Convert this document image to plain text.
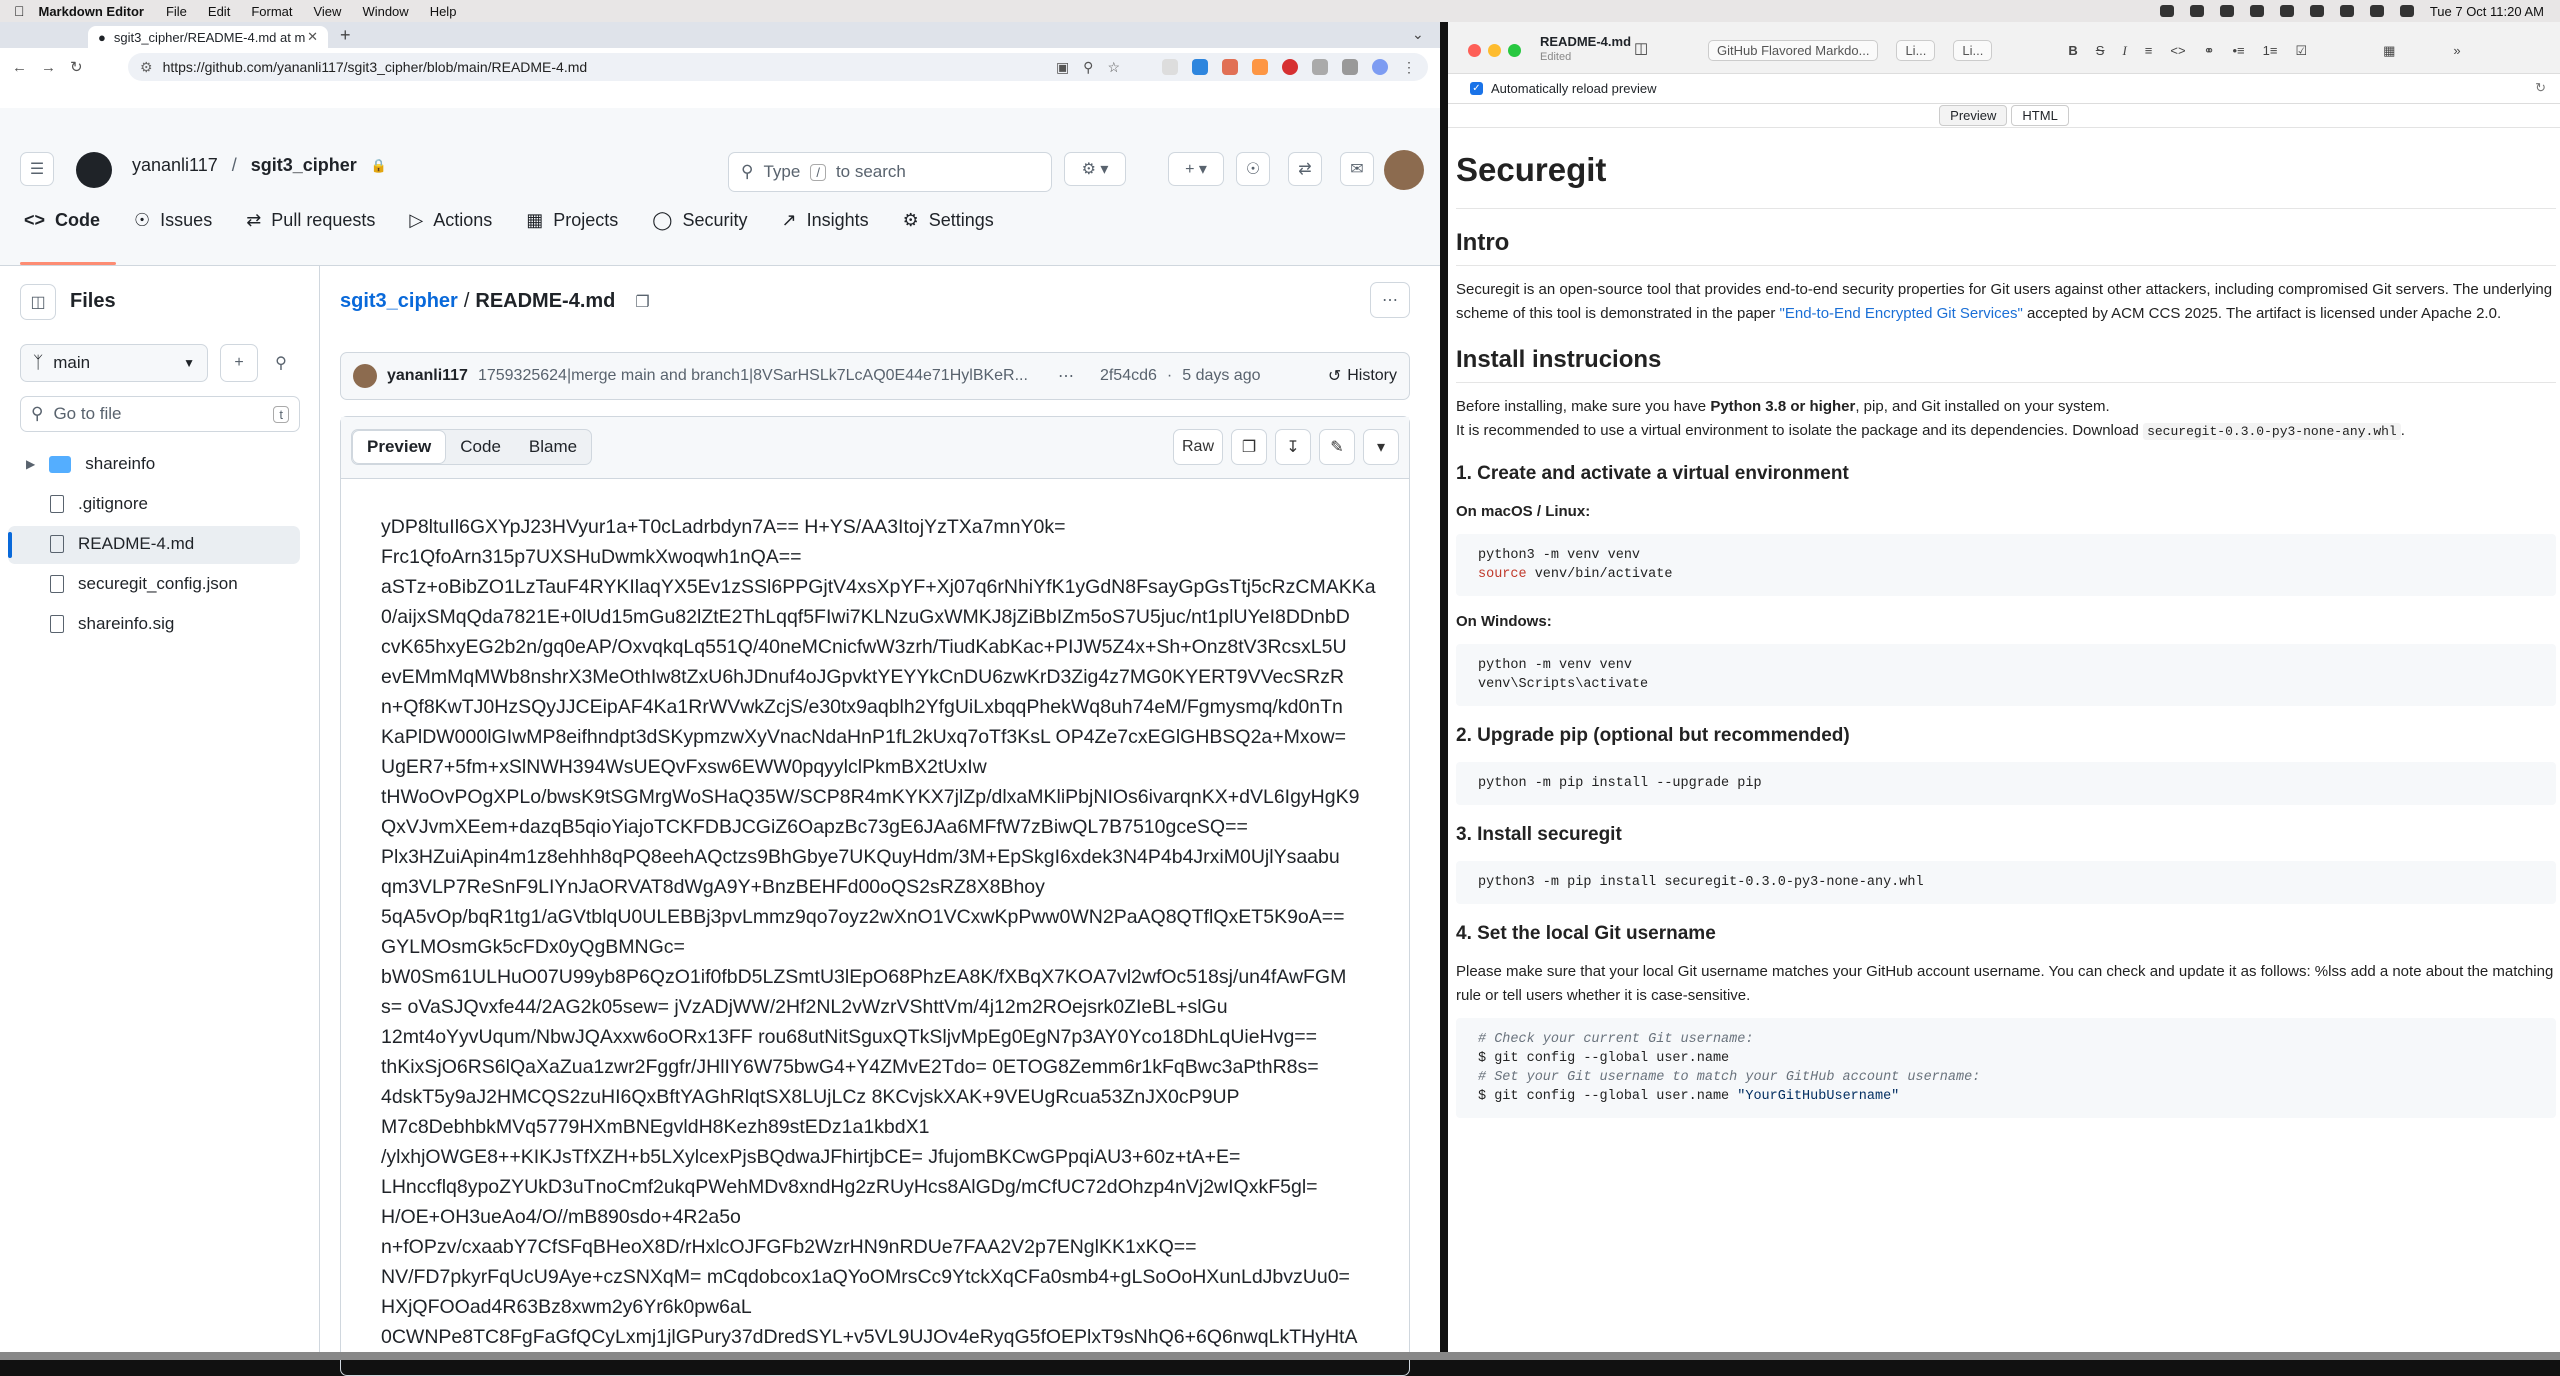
Markdown Editor File Edit Format View Window Help	Tue 7 Oct 11:20 AM
● sgit3_cipher/README-4.md at m ✕ +	⌄
← → ↻	⚙ https://github.com/yananli117/sgit3_cipher/blob/main/README-4.md	▣ ⚲ ☆	⋮
☰	yananli117 / sgit3_cipher 🔒	⚲ Type	/ to search	⚙ ▾	+ ▾	☉	⇄	✉
<> Code ☉ Issues ⇄ Pull requests ▷ Actions ▦ Projects ◯ Security ↗ Insights ⚙ Settings
◫	Files
ᛉ main	▼	+	⚲
⚲ Go to file	t
▶	shareinfo
.gitignore
README-4.md
securegit_config.json
shareinfo.sig
sgit3_cipher / README-4.md ❐	⋯
yananli117 1759325624|merge main and branch1|8VSarHSLk7LcAQ0E44e71HylBKeR...	⋯ 2f54cd6 · 5 days ago	↺ History
Preview	Code	Blame	Raw	❐	↧	✎	▾
yDP8ltuIl6GXYpJ23HVyur1a+T0cLadrbdyn7A== H+YS/AA3ItojYzTXa7mnY0k=
Frc1QfoArn315p7UXSHuDwmkXwoqwh1nQA==
aSTz+oBibZO1LzTauF4RYKIlaqYX5Ev1zSSl6PPGjtV4xsXpYF+Xj07q6rNhiYfK1yGdN8FsayGpGsTtj5cRzCMAKKa
0/aijxSMqQda7821E+0lUd15mGu82lZtE2ThLqqf5FIwi7KLNzuGxWMKJ8jZiBbIZm5oS7U5juc/nt1plUYeI8DDnbD
cvK65hxyEG2b2n/gq0eAP/OxvqkqLq551Q/40neMCnicfwW3zrh/TiudKabKac+PIJW5Z4x+Sh+Onz8tV3RcsxL5U
evEMmMqMWb8nshrX3MeOthIw8tZxU6hJDnuf4oJGpvktYEYYkCnDU6zwKrD3Zig4z7MG0KYERT9VVecSRzR
n+Qf8KwTJ0HzSQyJJCEipAF4Ka1RrWVwkZcjS/e30tx9aqblh2YfgUiLxbqqPhekWq8uh74eM/Fgmysmq/kd0nTn
KaPlDW000lGIwMP8eifhndpt3dSKypmzwXyVnacNdaHnP1fL2kUxq7oTf3KsL OP4Ze7cxEGlGHBSQ2a+Mxow=
UgER7+5fm+xSlNWH394WsUEQvFxsw6EWW0pqyylclPkmBX2tUxIw
tHWoOvPOgXPLo/bwsK9tSGMrgWoSHaQ35W/SCP8R4mKYKX7jlZp/dlxaMKliPbjNIOs6ivarqnKX+dVL6IgyHgK9
QxVJvmXEem+dazqB5qioYiajoTCKFDBJCGiZ6OapzBc73gE6JAa6MFfW7zBiwQL7B7510gceSQ==
Plx3HZuiApin4m1z8ehhh8qPQ8eehAQctzs9BhGbye7UKQuyHdm/3M+EpSkgI6xdek3N4P4b4JrxiM0UjlYsaabu
qm3VLP7ReSnF9LIYnJaORVAT8dWgA9Y+BnzBEHFd00oQS2sRZ8X8Bhoy
5qA5vOp/bqR1tg1/aGVtblqU0ULEBBj3pvLmmz9qo7oyz2wXnO1VCxwKpPww0WN2PaAQ8QTflQxET5K9oA==
GYLMOsmGk5cFDx0yQgBMNGc=
bW0Sm61ULHuO07U99yb8P6QzO1if0fbD5LZSmtU3lEpO68PhzEA8K/fXBqX7KOA7vl2wfOc518sj/un4fAwFGM
s= oVaSJQvxfe44/2AG2k05sew= jVzADjWW/2Hf2NL2vWzrVShttVm/4j12m2ROejsrk0ZIeBL+slGu
12mt4oYyvUqum/NbwJQAxxw6oORx13FF rou68utNitSguxQTkSljvMpEg0EgN7p3AY0Yco18DhLqUieHvg==
thKixSjO6RS6lQaXaZua1zwr2Fggfr/JHlIY6W75bwG4+Y4ZMvE2Tdo= 0ETOG8Zemm6r1kFqBwc3aPthR8s=
4dskT5y9aJ2HMCQS2zuHI6QxBftYAGhRlqtSX8LUjLCz 8KCvjskXAK+9VEUgRcua53ZnJX0cP9UP
M7c8DebhbkMVq5779HXmBNEgvldH8Kezh89stEDz1a1kbdX1
/ylxhjOWGE8++KIKJsTfXZH+b5LXylcexPjsBQdwaJFhirtjbCE= JfujomBKCwGPpqiAU3+60z+tA+E=
LHnccflq8ypoZYUkD3uTnoCmf2ukqPWehMDv8xndHg2zRUyHcs8AlGDg/mCfUC72dOhzp4nVj2wIQxkF5gl=
H/OE+OH3ueAo4/O//mB890sdo+4R2a5o
n+fOPzv/cxaabY7CfSFqBHeoX8D/rHxlcOJFGFb2WzrHN9nRDUe7FAA2V2p7ENglKK1xKQ==
NV/FD7pkyrFqUcU9Aye+czSNXqM= mCqdobcox1aQYoOMrsCc9YtckXqCFa0smb4+gLSoOoHXunLdJbvzUu0=
HXjQFOOad4R63Bz8xwm2y6Yr6k0pw6aL
0CWNPe8TC8FgFaGfQCyLxmj1jlGPury37dDredSYL+v5VL9UJOv4eRyqG5fOEPlxT9sNhQ6+6Q6nwqLkTHyHtA
README-4.md
Edited	◫	GitHub Flavored Markdo...	Li...	Li...	B S I ≡ <> ⚭ •≡ 1≡ ☑	▦	»
✓ Automatically reload preview	↻
Preview	HTML
Securegit
Intro

Securegit is an open-source tool that provides end-to-end security properties for Git users against other attackers, including compromised Git servers. The underlying scheme of this tool is demonstrated in the paper "End-to-End Encrypted Git Services" accepted by ACM CCS 2025. The artifact is licensed under Apache 2.0.

Install instrucions

Before installing, make sure you have Python 3.8 or higher, pip, and Git installed on your system.

It is recommended to use a virtual environment to isolate the package and its dependencies. Download securegit-0.3.0-py3-none-any.whl .

1. Create and activate a virtual environment
On macOS / Linux:
python3 -m venv venv
source venv/bin/activate
On Windows:
python -m venv venv
venv\Scripts\activate
2. Upgrade pip (optional but recommended)
python -m pip install --upgrade pip
3. Install securegit
python3 -m pip install securegit-0.3.0-py3-none-any.whl
4. Set the local Git username

Please make sure that your local Git username matches your GitHub account username. You can check and update it as follows: %lss add a note about the matching rule or tell users whether it is case-sensitive.

# Check your current Git username:
$ git config --global user.name
# Set your Git username to match your GitHub account username:
$ git config --global user.name "YourGitHubUsername"
